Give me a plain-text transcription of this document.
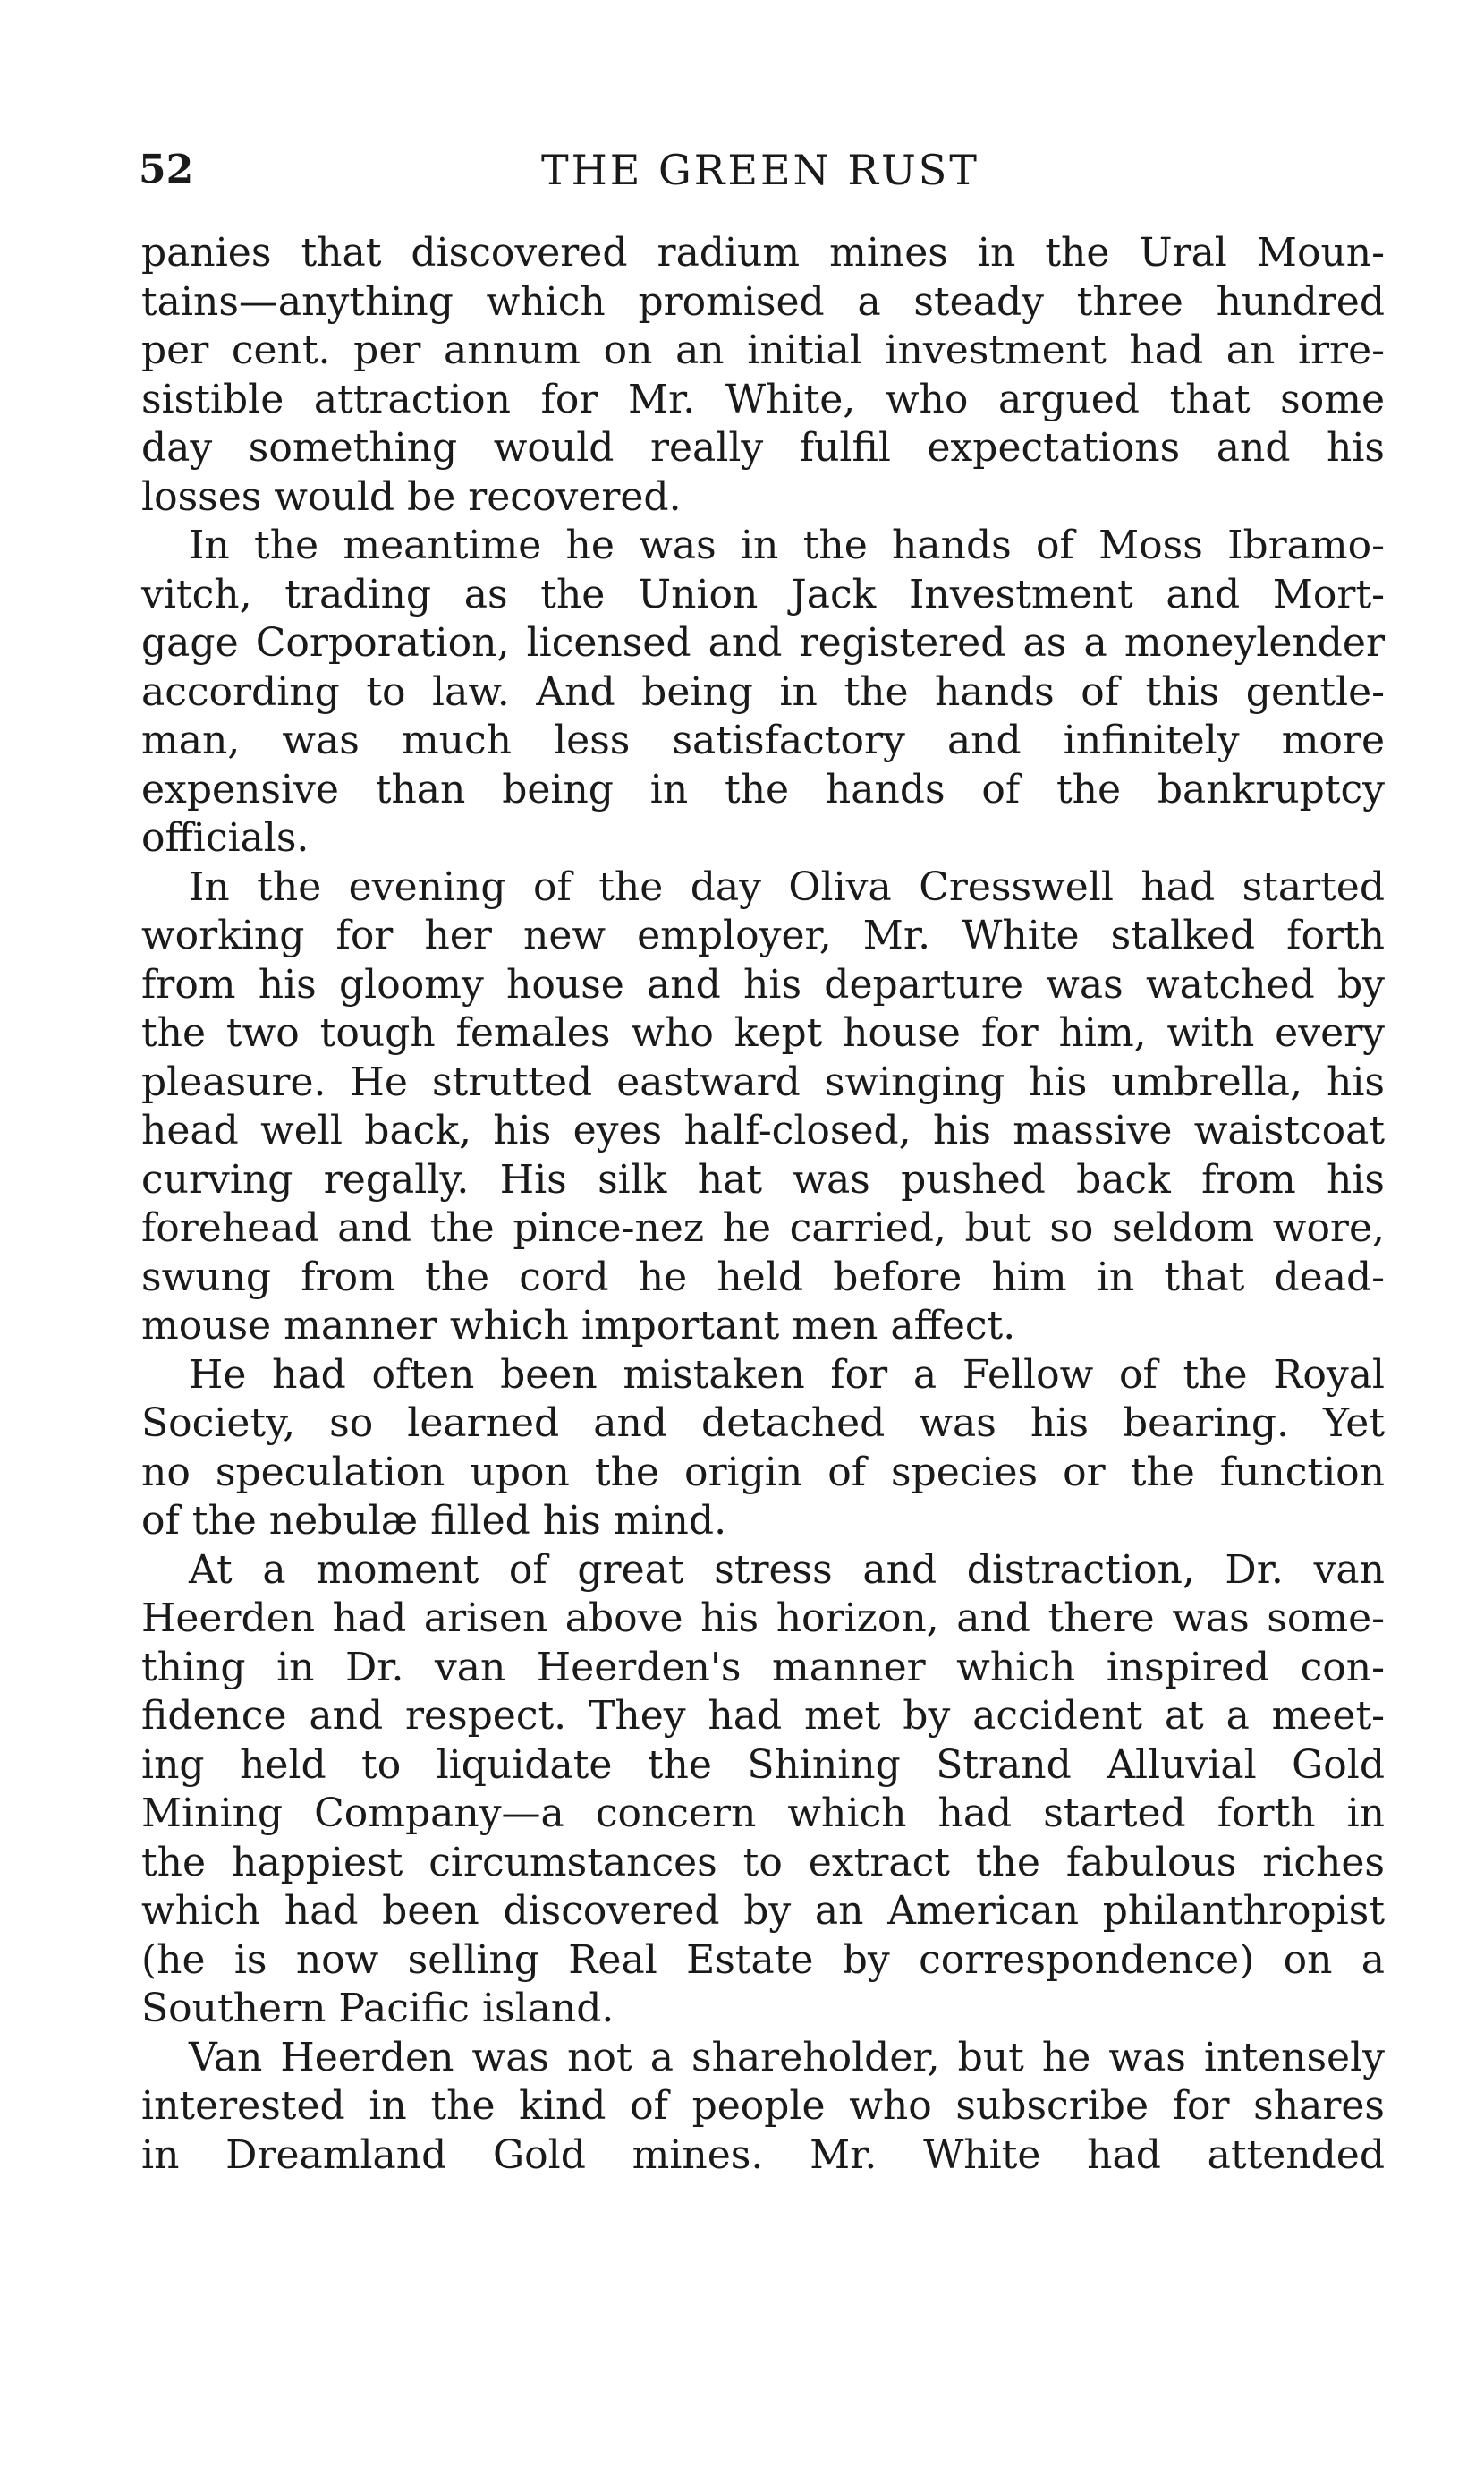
52	THE GREEN RUST
panies that discovered radium mines in the Ural Moun-
tains—anything which promised a steady three hundred
per cent. per annum on an initial investment had an irre-
sistible attraction for Mr. White, who argued that some
day something would really fulfil expectations and his
losses would be recovered.
In the meantime he was in the hands of Moss Ibramo-
vitch, trading as the Union Jack Investment and Mort-
gage Corporation, licensed and registered as a moneylender
according to law. And being in the hands of this gentle-
man, was much less satisfactory and infinitely more
expensive than being in the hands of the bankruptcy
officials.
In the evening of the day Oliva Cresswell had started
working for her new employer, Mr. White stalked forth
from his gloomy house and his departure was watched by
the two tough females who kept house for him, with every
pleasure. He strutted eastward swinging his umbrella, his
head well back, his eyes half-closed, his massive waistcoat
curving regally. His silk hat was pushed back from his
forehead and the pince-nez he carried, but so seldom wore,
swung from the cord he held before him in that dead-
mouse manner which important men affect.
He had often been mistaken for a Fellow of the Royal
Society, so learned and detached was his bearing. Yet
no speculation upon the origin of species or the function
of the nebulæ filled his mind.
At a moment of great stress and distraction, Dr. van
Heerden had arisen above his horizon, and there was some-
thing in Dr. van Heerden's manner which inspired con-
fidence and respect. They had met by accident at a meet-
ing held to liquidate the Shining Strand Alluvial Gold
Mining Company—a concern which had started forth in
the happiest circumstances to extract the fabulous riches
which had been discovered by an American philanthropist
(he is now selling Real Estate by correspondence) on a
Southern Pacific island.
Van Heerden was not a shareholder, but he was intensely
interested in the kind of people who subscribe for shares
in Dreamland Gold mines. Mr. White had attended
